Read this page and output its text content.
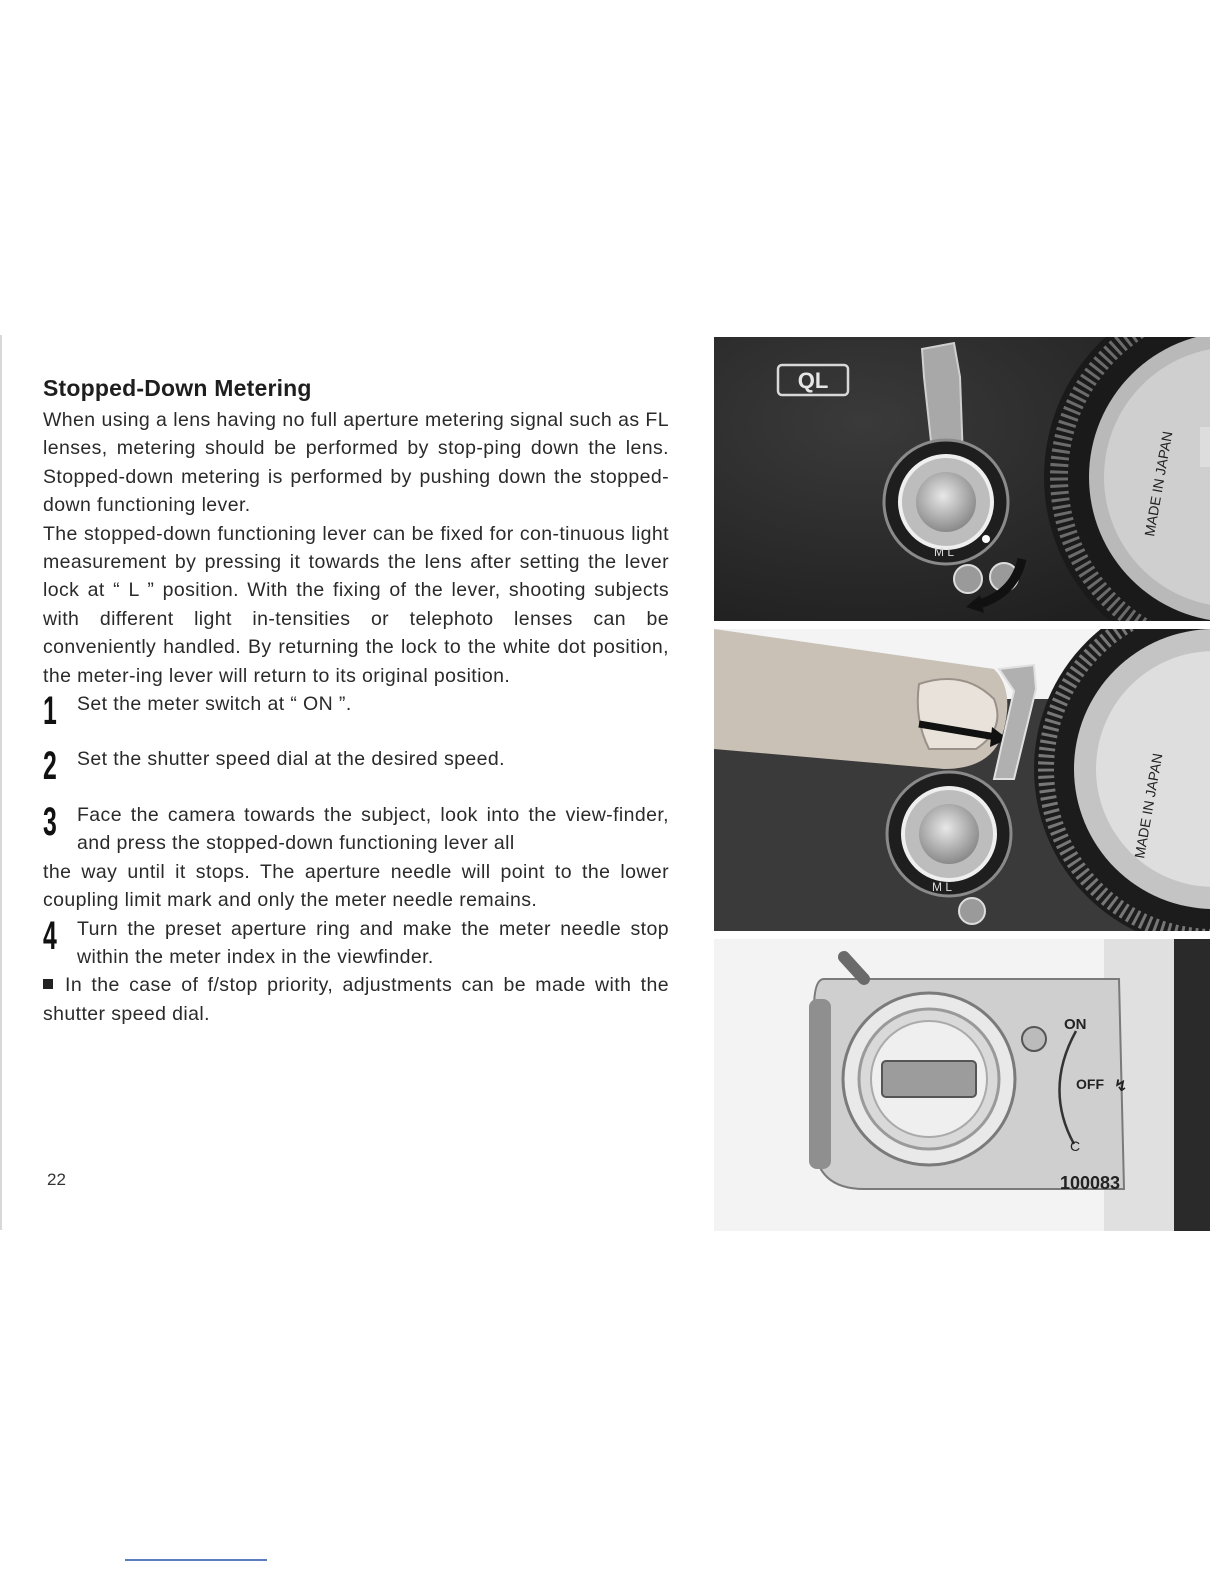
Stopped-Down Metering

When using a lens having no full aperture metering signal such as FL lenses, metering should be performed by stop-ping down the lens. Stopped-down metering is performed by pushing down the stopped-down functioning lever.

The stopped-down functioning lever can be fixed for con-tinuous light measurement by pressing it towards the lens after setting the lever lock at “ L ” position. With the fixing of the lever, shooting subjects with different light in-tensities or telephoto lenses can be conveniently handled. By returning the lock to the white dot position, the meter-ing lever will return to its original position.

1 Set the meter switch at “ ON ”.

2 Set the shutter speed dial at the desired speed.

3 Face the camera towards the subject, look into the view-finder, and press the stopped-down functioning lever all

the way until it stops. The aperture needle will point to the lower coupling limit mark and only the meter needle remains.

4 Turn the preset aperture ring and make the meter needle stop within the meter index in the viewfinder.

In the case of f/stop priority, adjustments can be made with the shutter speed dial.
22
MADE IN JAPAN
QL
M L
MADE IN JAPAN
M L
ON
OFF ↯
C
100083
